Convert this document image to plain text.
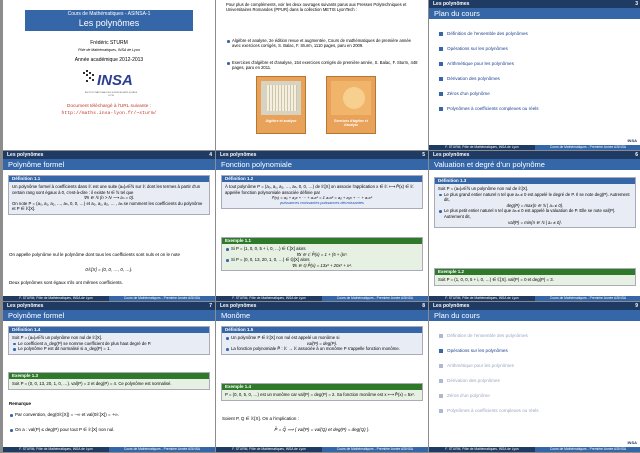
Cours de Mathématiques - ASINSA-1
Les polynômes
Frédéric STURM
Pôle de Mathématiques, INSA de Lyon
Année académique 2012-2013
INSA
INSTITUT NATIONAL DES SCIENCES APPLIQUÉES LYON
Document téléchargé à l'URL suivante :
http://maths.insa-lyon.fr/~sturm/
Pour plus de compléments, voir les deux ouvrages suivants parus aux Presses Polytechniques et Universitaires Romandes (PPUR) dans la collection METIS LyonTech :
Algèbre et analyse, 2e édition revue et augmentée, Cours de mathématiques de première année avec exercices corrigés, S. Balac, F. Sturm, 1110 pages, paru en 2009.
Exercices d'algèbre et d'analyse, 154 exercices corrigés de première année, S. Balac, F. Sturm, 448 pages, paru en 2011.
Algèbre et analyse	Exercices d'algèbre et d'analyse
Les polynômes	3
Plan du cours
Définition de l'ensemble des polynômes
Opérations sur les polynômes
Arithmétique pour les polynômes
Dérivation des polynômes
Zéros d'un polynôme
Polynômes à coefficients complexes ou réels
INSA
F. STURM, Pôle de Mathématiques, INSA de Lyon	Cours de Mathématiques - Première Année ASINSA
Les polynômes	4
Polynôme formel
Définition 1.1
Un polynôme formel à coefficients dans 𝕂 est une suite (aₙ)ₙ∈ℕ sur 𝕂 dont les termes à partir d'un certain rang sont égaux à 0, c'est-à-dire : il existe N ∈ ℕ tel que
∀n ∈ ℕ (n > N ⟶ aₙ = 0).
On note P = (a₀, a₁, a₂, …, aₙ, 0, 0, …) et a₀, a₁, a₂, … , aₙ se nomment les coefficients du polynôme et P ∈ 𝕂[X].
On appelle polynôme nul le polynôme dont tous les coefficients sont nuls et on le note
0𝕂[X] = (0, 0, …, 0, …).
Deux polynômes sont égaux s'ils ont mêmes coefficients.
F. STURM, Pôle de Mathématiques, INSA de Lyon	Cours de Mathématiques - Première Année ASINSA
Les polynômes	5
Fonction polynomiale
Définition 1.2
À tout polynôme P = (a₀, a₁, a₂, …, aₙ, 0, 0, …) de 𝕂[X] on associe l'application x ∈ 𝕂 ⟼ P̃(x) ∈ 𝕂 appelée fonction polynomiale associée définie par
P̃(x) = a₀ + a₁x + ··· + aₙxⁿ = Σ aₖxᵏ = a₀ + a₁x + ··· + aₙxⁿ
puissances croissantes puissances décroissantes
Exemple 1.1
Si P = (1, 0, 0, 5 + i, 0, …) ∈ ℂ[X] alors
∀x ∈ ℂ P̃(x) = 1 + (5 + i)x³.
Si P = (0, 0, 13, 20, 1, 0, …) ∈ ℚ[X] alors
∀x ∈ ℚ P̃(x) = 13x² + 20x³ + x⁴.
F. STURM, Pôle de Mathématiques, INSA de Lyon	Cours de Mathématiques - Première Année ASINSA
Les polynômes	6
Valuation et degré d'un polynôme
Définition 1.3
Soit P = (aₙ)ₙ∈ℕ un polynôme non nul de 𝕂[X].
Le plus grand entier naturel n tel que aₙ ≠ 0 est appelé le degré de P. Il se note deg(P). Autrement dit,
deg(P) = max{n ∈ ℕ | aₙ ≠ 0}.
Le plus petit entier naturel n tel que aₙ ≠ 0 est appelé la valuation de P. Elle se note val(P). Autrement dit,
val(P) = min{n ∈ ℕ | aₙ ≠ 0}.
Exemple 1.2
Soit P = (1, 0, 0, 5 + i, 0, …) ∈ ℂ[X]. val(P) = 0 et deg(P) = 3.
F. STURM, Pôle de Mathématiques, INSA de Lyon	Cours de Mathématiques - Première Année ASINSA
Les polynômes	7
Polynôme formel
Définition 1.4
Soit P = (aₙ)ₙ∈ℕ un polynôme non nul de 𝕂[X].
Le coefficient a_deg(P) se nomme coefficient de plus haut degré de P.
Le polynôme P est dit normalisé si a_deg(P) = 1.
Exemple 1.3
Soit P = (0, 0, 13, 20, 1, 0, …). val(P) = 2 et deg(P) = 4. Ce polynôme est normalisé.
Remarque
Par convention, deg(0𝕂[X]) = −∞ et val(0𝕂[X]) = +∞.
On a : val(P) ≤ deg(P) pour tout P ∈ 𝕂[X] non nul.
F. STURM, Pôle de Mathématiques, INSA de Lyon	Cours de Mathématiques - Première Année ASINSA
Les polynômes	8
Monôme
Définition 1.5
Un polynôme P ∈ 𝕂[X] non nul est appelé un monôme si
val(P) = deg(P).
La fonction polynomiale P̃ : 𝕂 → 𝕂 associée à un monôme P s'appelle fonction monôme.
Exemple 1.4
P = (0, 0, 5, 0, …) est un monôme car val(P) = deg(P) = 2. Sa fonction monôme est x ⟼ P̃(x) = 5x².
Soient P, Q ∈ 𝕂[X]. On a l'implication :
P̃ = Q̃ ⟹ { val(P) = val(Q) et deg(P) = deg(Q) }.
F. STURM, Pôle de Mathématiques, INSA de Lyon	Cours de Mathématiques - Première Année ASINSA
Les polynômes	9
Plan du cours
Définition de l'ensemble des polynômes
Opérations sur les polynômes
Arithmétique pour les polynômes
Dérivation des polynômes
Zéros d'un polynôme
Polynômes à coefficients complexes ou réels
INSA
F. STURM, Pôle de Mathématiques, INSA de Lyon	Cours de Mathématiques - Première Année ASINSA
